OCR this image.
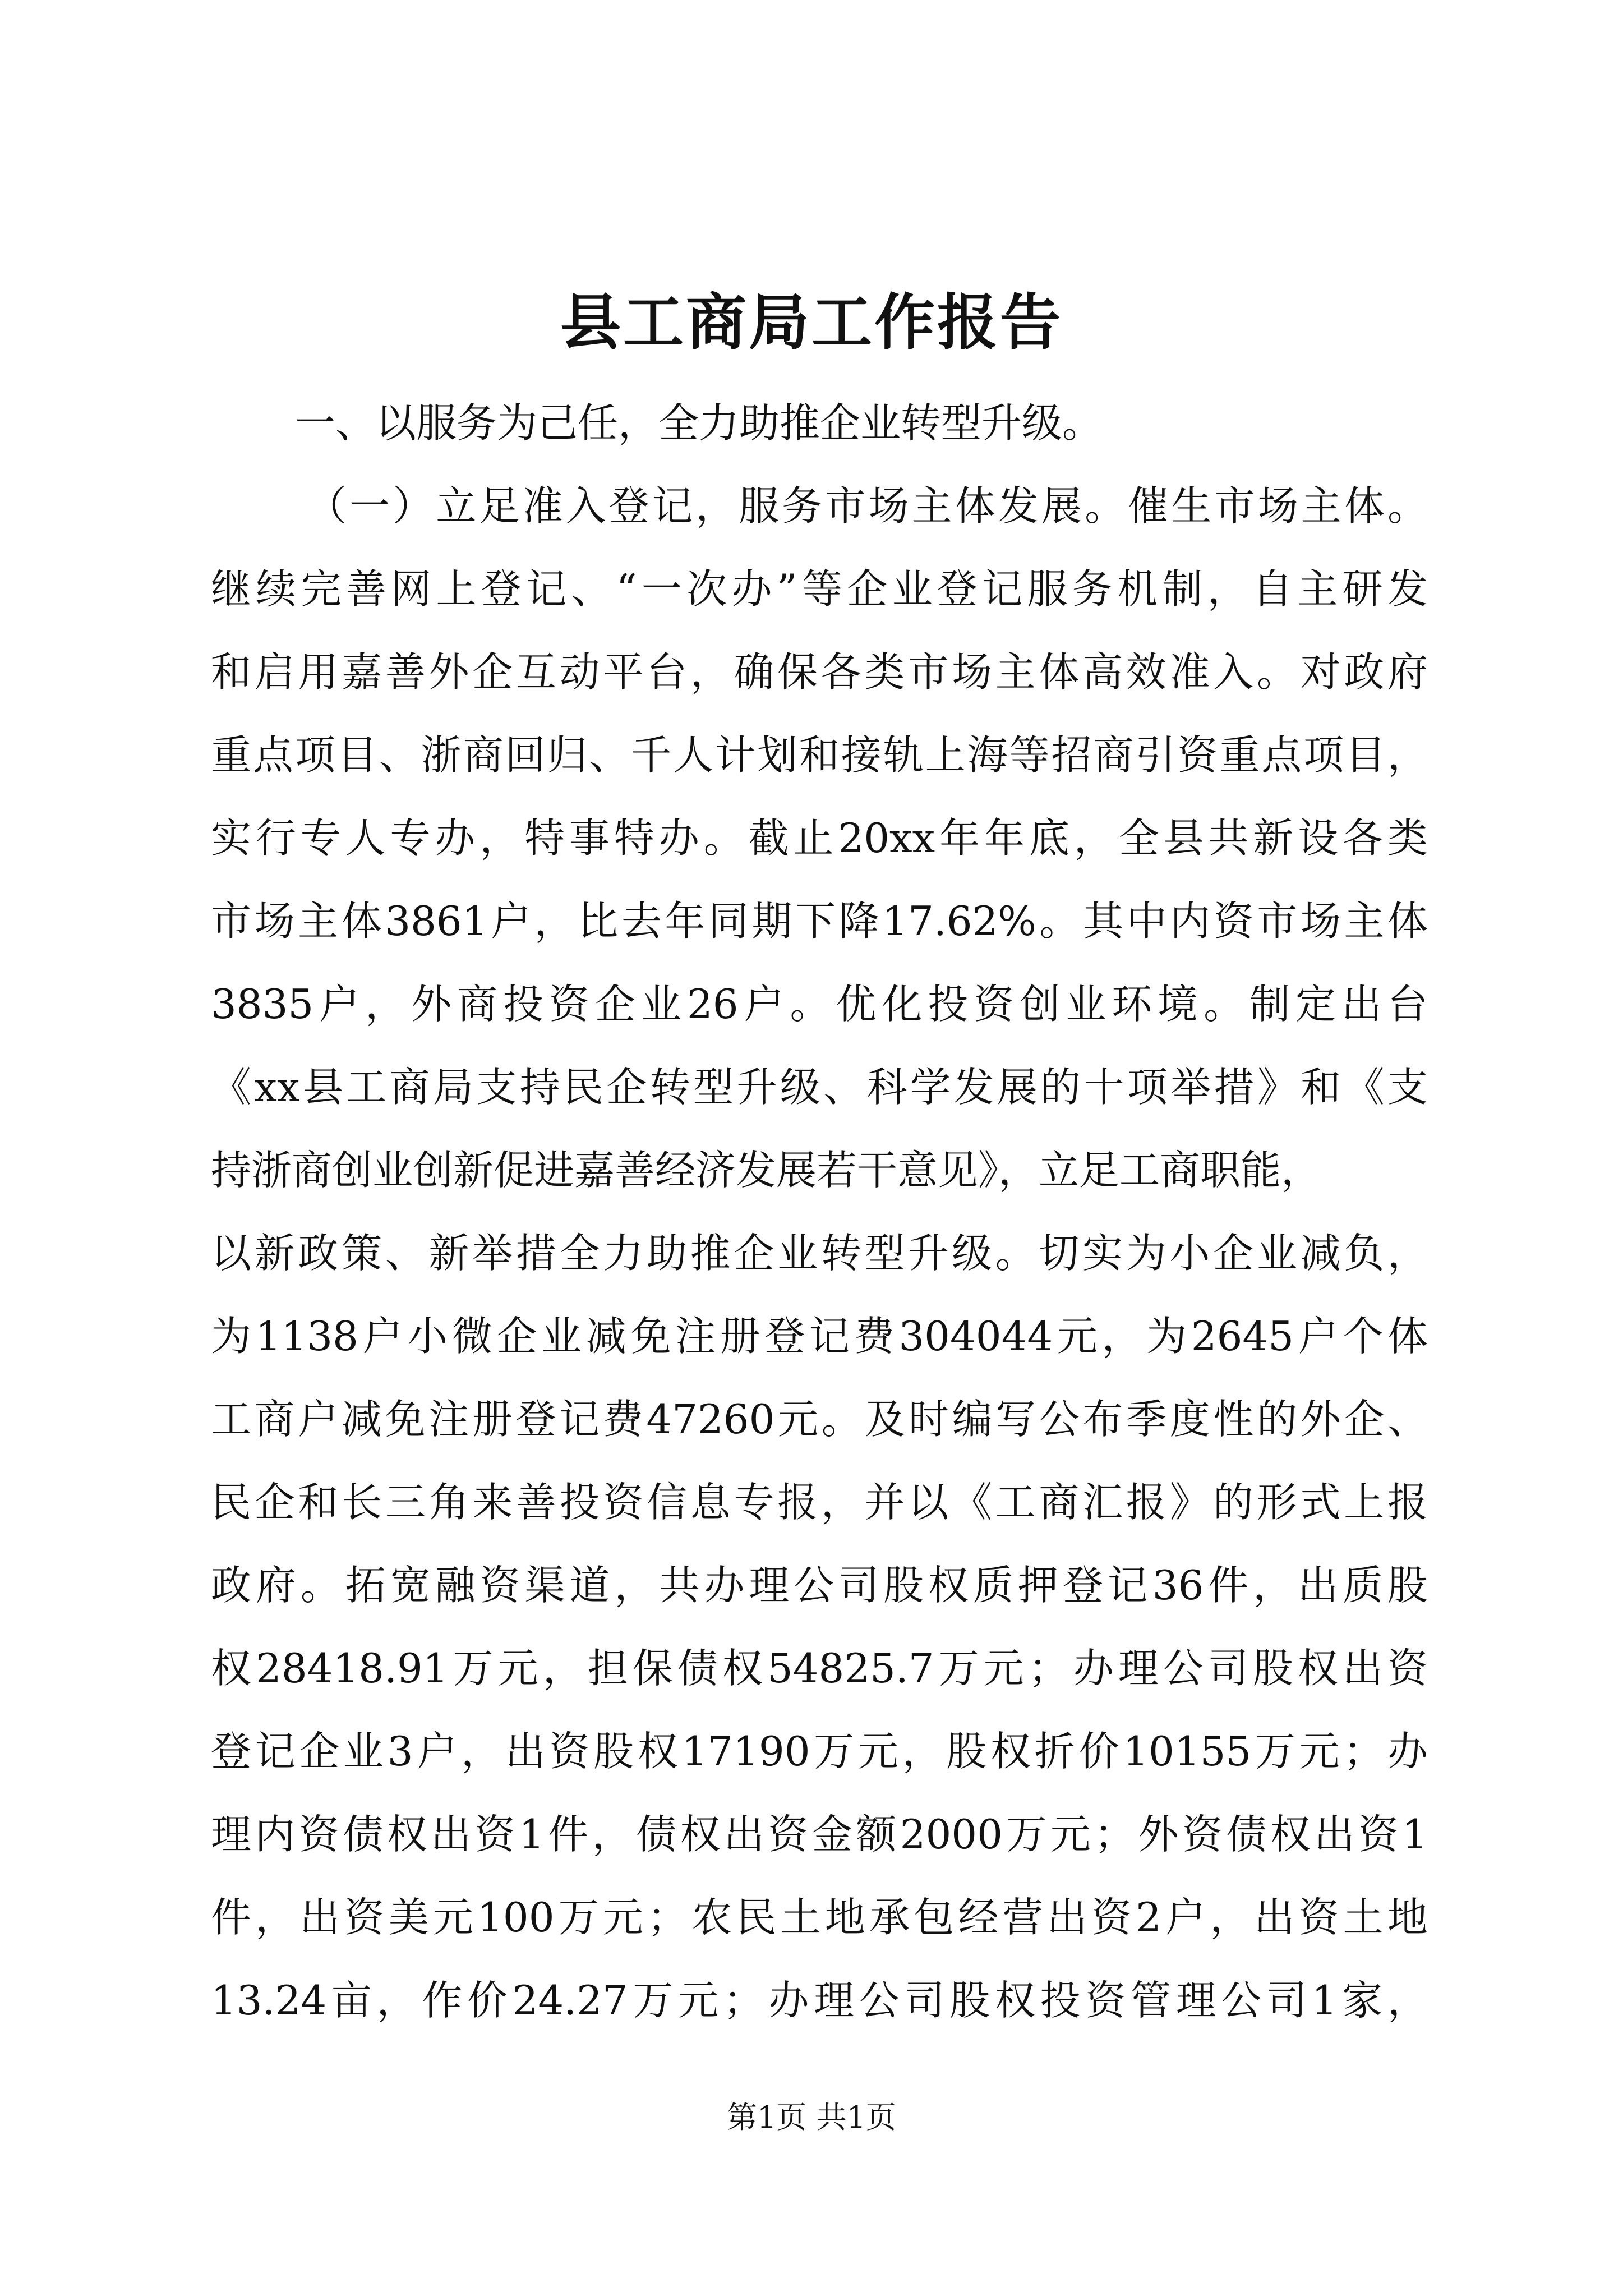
县工商局工作报告
一、以服务为己任，全力助推企业转型升级。
（一）立足准入登记，服务市场主体发展。催生市场主体。
继续完善网上登记、“一次办”等企业登记服务机制，自主研发
和启用嘉善外企互动平台，确保各类市场主体高效准入。对政府
重点项目、浙商回归、千人计划和接轨上海等招商引资重点项目，
实行专人专办，特事特办。截止20xx年年底，全县共新设各类
市场主体3861户，比去年同期下降17.62%。其中内资市场主体
3835户，外商投资企业26户。优化投资创业环境。制定出台
《xx县工商局支持民企转型升级、科学发展的十项举措》和《支
持浙商创业创新促进嘉善经济发展若干意见》，立足工商职能，
以新政策、新举措全力助推企业转型升级。切实为小企业减负，
为1138户小微企业减免注册登记费304044元，为2645户个体
工商户减免注册登记费47260元。及时编写公布季度性的外企、
民企和长三角来善投资信息专报，并以《工商汇报》的形式上报
政府。拓宽融资渠道，共办理公司股权质押登记36件，出质股
权28418.91万元，担保债权54825.7万元；办理公司股权出资
登记企业3户，出资股权17190万元，股权折价10155万元；办
理内资债权出资1件，债权出资金额2000万元；外资债权出资1
件，出资美元100万元；农民土地承包经营出资2户，出资土地
13.24亩，作价24.27万元；办理公司股权投资管理公司1家，
第1页 共1页
